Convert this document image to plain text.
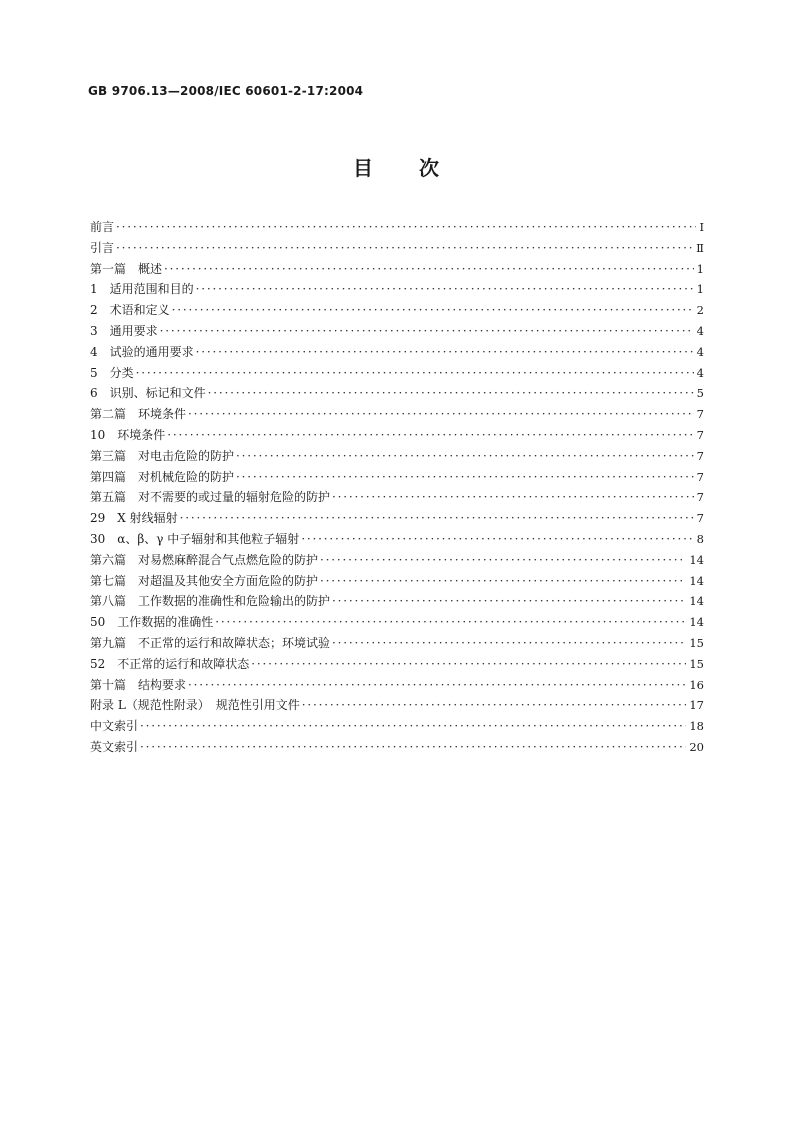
GB 9706.13—2008/IEC 60601-2-17:2004
目　　次
前言 ·····	Ⅰ
引言 ·····	Ⅱ
第一篇　概述 ·····	1
1　适用范围和目的 ·····	1
2　术语和定义 ·····	2
3　通用要求 ·····	4
4　试验的通用要求 ·····	4
5　分类 ·····	4
6　识别、标记和文件 ·····	5
第二篇　环境条件 ·····	7
10　环境条件 ·····	7
第三篇　对电击危险的防护 ·····	7
第四篇　对机械危险的防护 ·····	7
第五篇　对不需要的或过量的辐射危险的防护 ·····	7
29　X 射线辐射 ·····	7
30　α、β、γ 中子辐射和其他粒子辐射 ·····	8
第六篇　对易燃麻醉混合气点燃危险的防护 ·····	14
第七篇　对超温及其他安全方面危险的防护 ·····	14
第八篇　工作数据的准确性和危险输出的防护 ·····	14
50　工作数据的准确性 ·····	14
第九篇　不正常的运行和故障状态；环境试验 ·····	15
52　不正常的运行和故障状态 ·····	15
第十篇　结构要求 ·····	16
附录 L（规范性附录）　规范性引用文件 ·····	17
中文索引 ·····	18
英文索引 ·····	20
